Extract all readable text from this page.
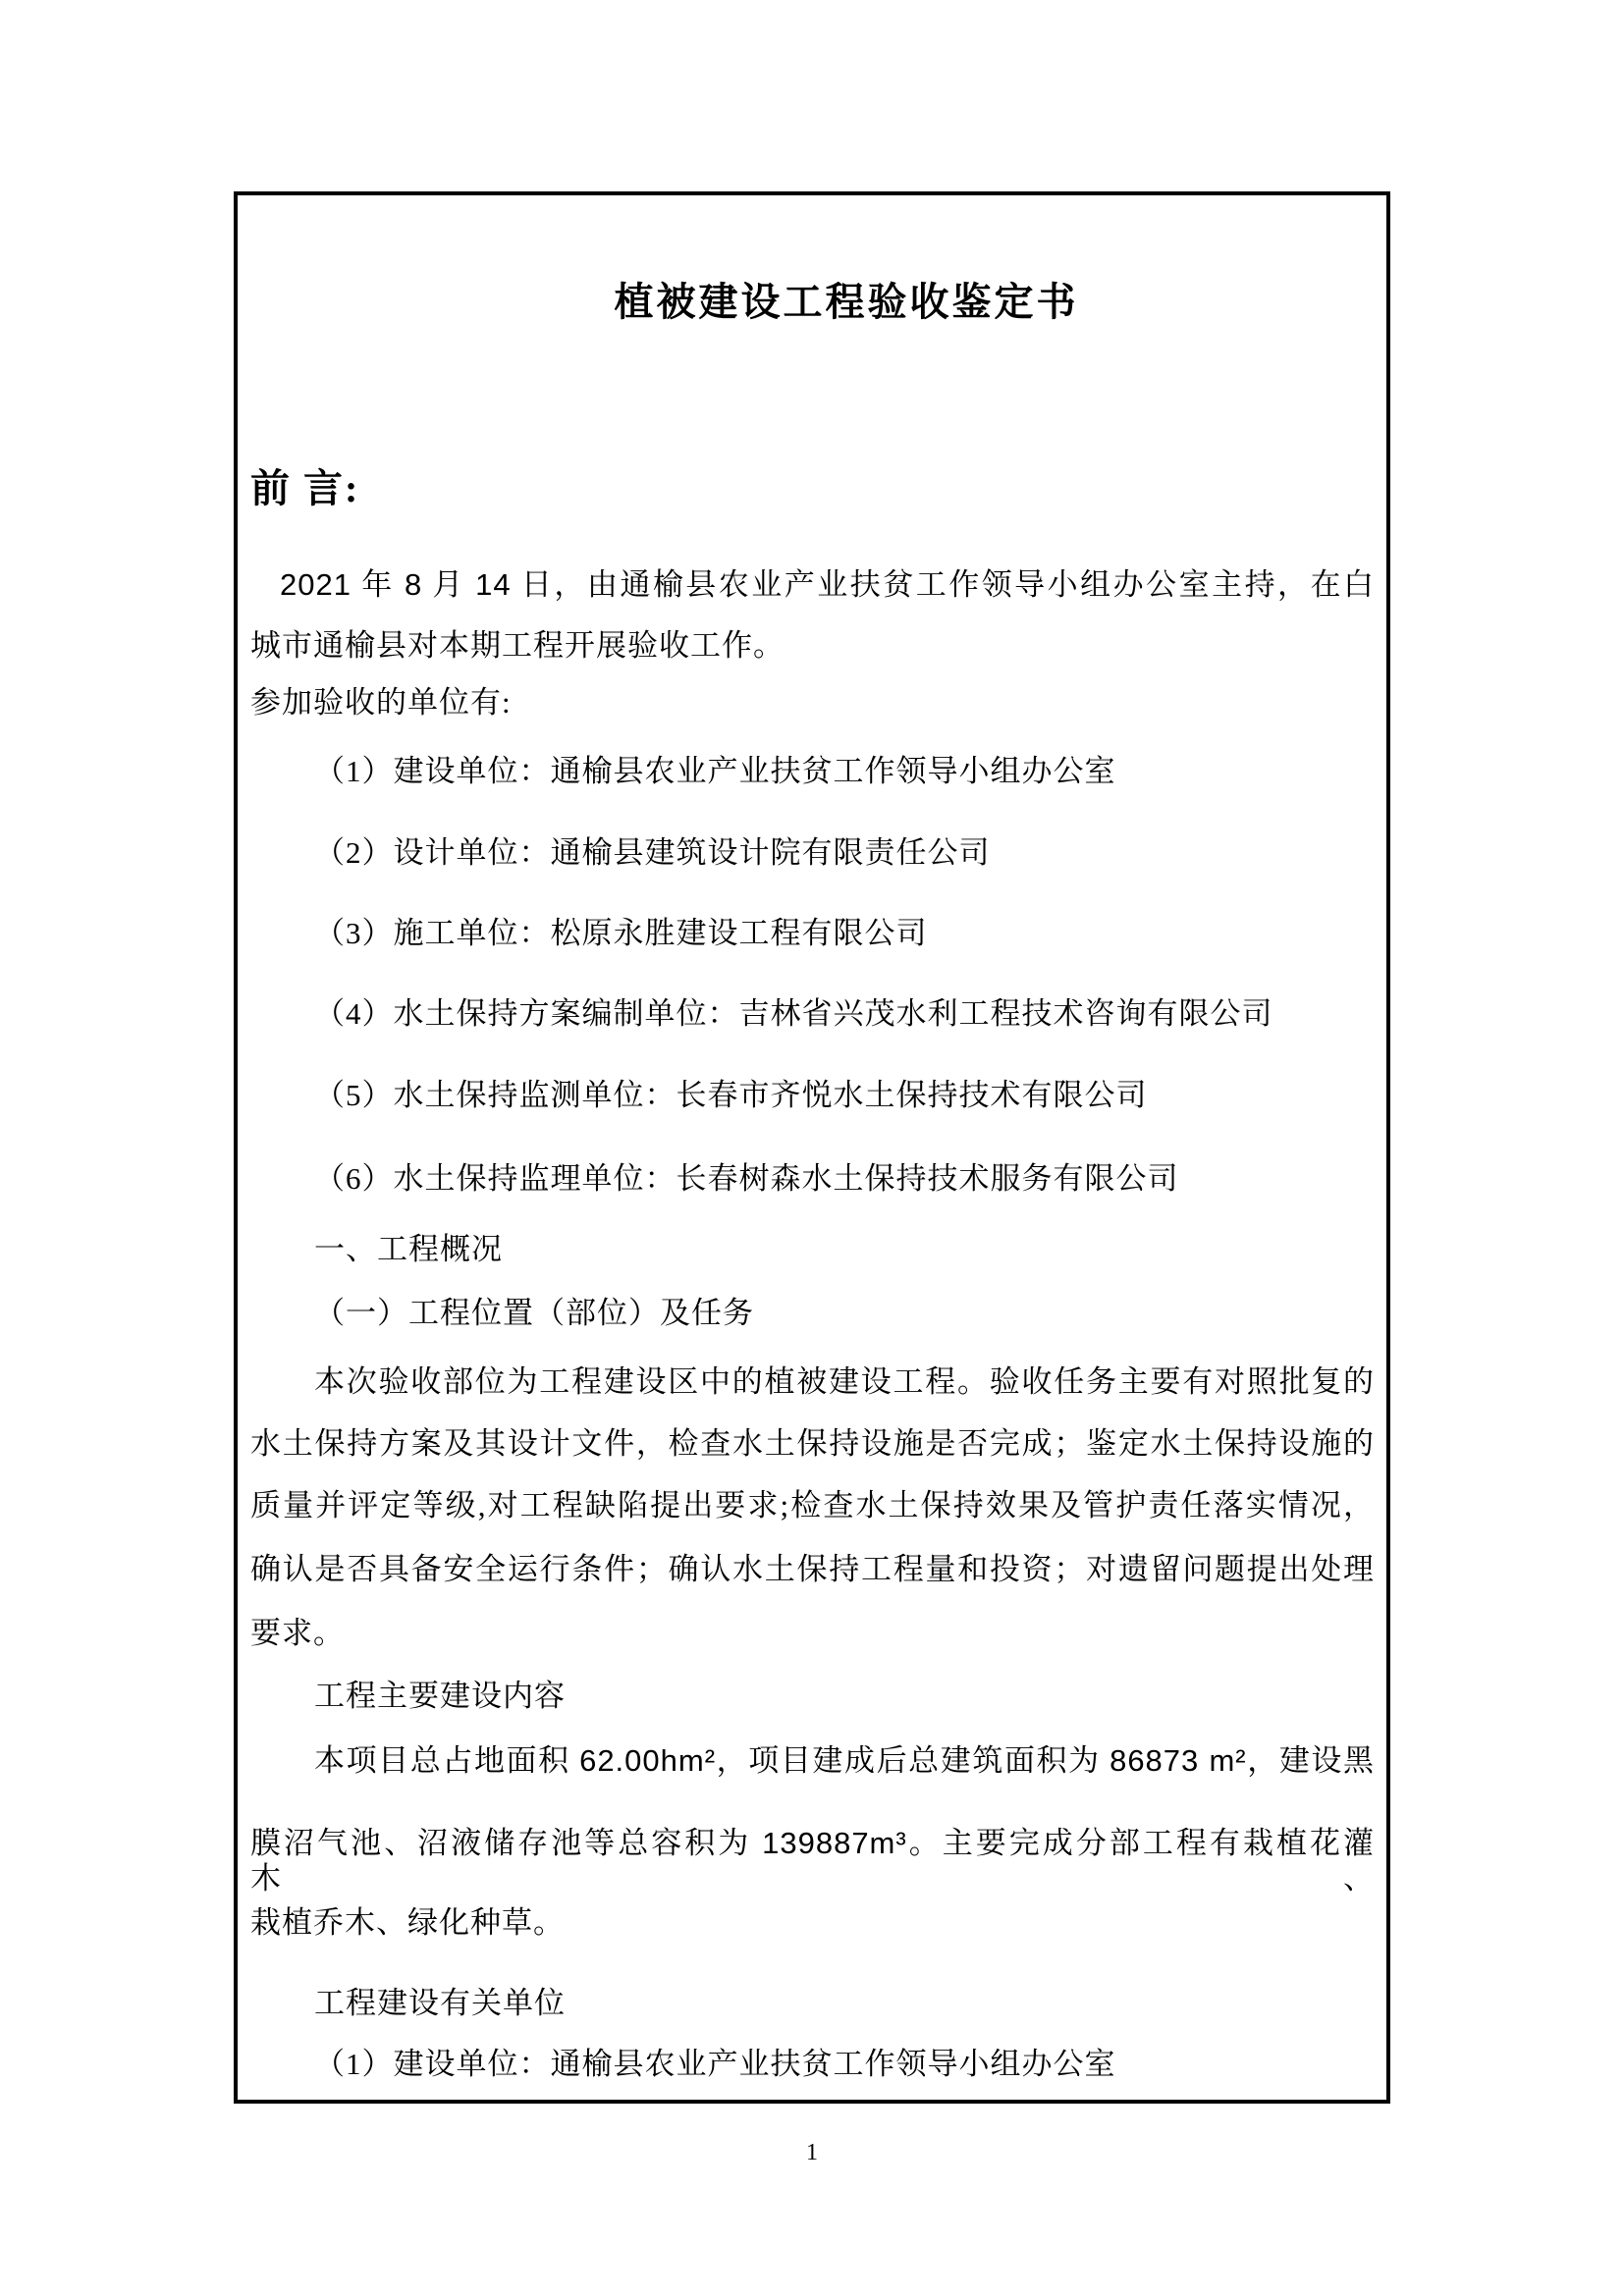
植被建设工程验收鉴定书
前 言:
2021 年 8 月 14 日，由通榆县农业产业扶贫工作领导小组办公室主持，在白
城市通榆县对本期工程开展验收工作。
参加验收的单位有:
（1）建设单位：通榆县农业产业扶贫工作领导小组办公室
（2）设计单位：通榆县建筑设计院有限责任公司
（3）施工单位：松原永胜建设工程有限公司
（4）水土保持方案编制单位：吉林省兴茂水利工程技术咨询有限公司
（5）水土保持监测单位：长春市齐悦水土保持技术有限公司
（6）水土保持监理单位：长春树森水土保持技术服务有限公司
一、工程概况
（一）工程位置（部位）及任务
本次验收部位为工程建设区中的植被建设工程。验收任务主要有对照批复的
水土保持方案及其设计文件，检查水土保持设施是否完成；鉴定水土保持设施的
质量并评定等级,对工程缺陷提出要求;检查水土保持效果及管护责任落实情况，
确认是否具备安全运行条件；确认水土保持工程量和投资；对遗留问题提出处理
要求。
工程主要建设内容
本项目总占地面积 62.00hm²，项目建成后总建筑面积为 86873 m²，建设黑
膜沼气池、沼液储存池等总容积为 139887m³。主要完成分部工程有栽植花灌木、
栽植乔木、绿化种草。
工程建设有关单位
（1）建设单位：通榆县农业产业扶贫工作领导小组办公室
1
